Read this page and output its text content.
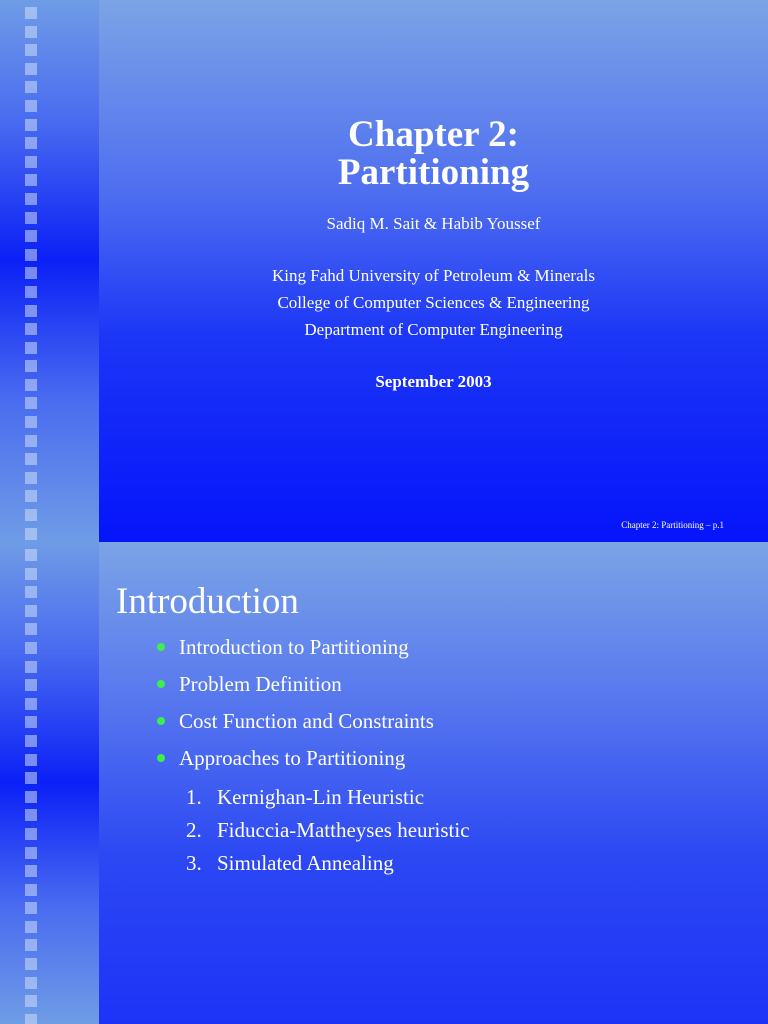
Chapter 2:
Partitioning
Sadiq M. Sait & Habib Youssef
King Fahd University of Petroleum & Minerals
College of Computer Sciences & Engineering
Department of Computer Engineering
September 2003
Chapter 2: Partitioning – p.1
Introduction
Introduction to Partitioning
Problem Definition
Cost Function and Constraints
Approaches to Partitioning
1. Kernighan-Lin Heuristic
2. Fiduccia-Mattheyses heuristic
3. Simulated Annealing
